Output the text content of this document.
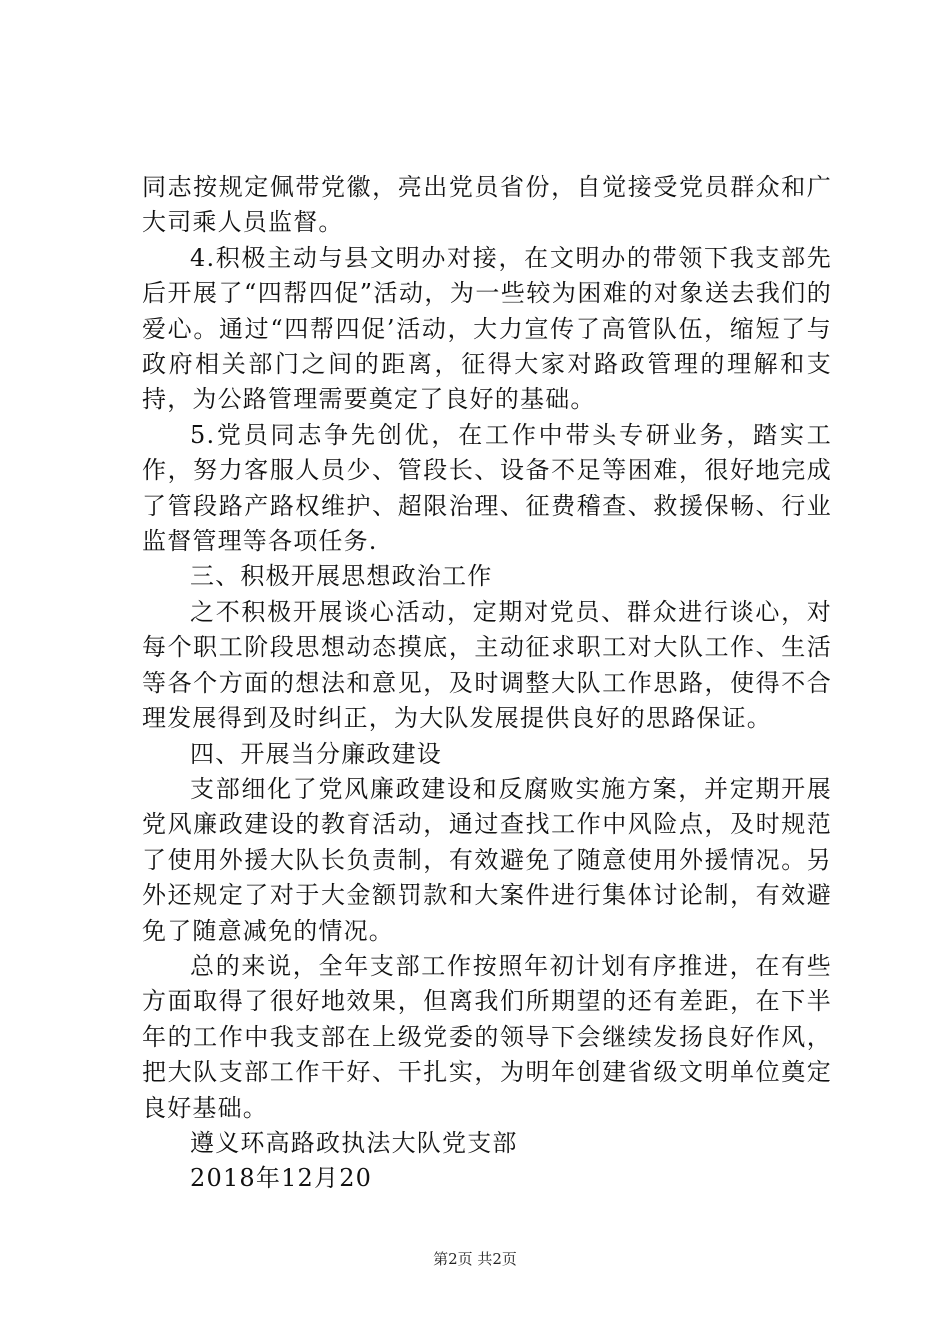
同志按规定佩带党徽，亮出党员省份，自觉接受党员群众和广大司乘人员监督。

4.积极主动与县文明办对接，在文明办的带领下我支部先后开展了“四帮四促”活动，为一些较为困难的对象送去我们的爱心。通过“四帮四促’活动，大力宣传了高管队伍，缩短了与政府相关部门之间的距离，征得大家对路政管理的理解和支持，为公路管理需要奠定了良好的基础。

5.党员同志争先创优，在工作中带头专研业务，踏实工作，努力客服人员少、管段长、设备不足等困难，很好地完成了管段路产路权维护、超限治理、征费稽查、救援保畅、行业监督管理等各项任务.

三、积极开展思想政治工作

之不积极开展谈心活动，定期对党员、群众进行谈心，对每个职工阶段思想动态摸底，主动征求职工对大队工作、生活等各个方面的想法和意见，及时调整大队工作思路，使得不合理发展得到及时纠正，为大队发展提供良好的思路保证。

四、开展当分廉政建设

支部细化了党风廉政建设和反腐败实施方案，并定期开展党风廉政建设的教育活动，通过查找工作中风险点，及时规范了使用外援大队长负责制，有效避免了随意使用外援情况。另外还规定了对于大金额罚款和大案件进行集体讨论制，有效避免了随意减免的情况。

总的来说，全年支部工作按照年初计划有序推进，在有些方面取得了很好地效果，但离我们所期望的还有差距，在下半年的工作中我支部在上级党委的领导下会继续发扬良好作风，把大队支部工作干好、干扎实，为明年创建省级文明单位奠定良好基础。

遵义环高路政执法大队党支部

2018年12月20

第2页 共2页
